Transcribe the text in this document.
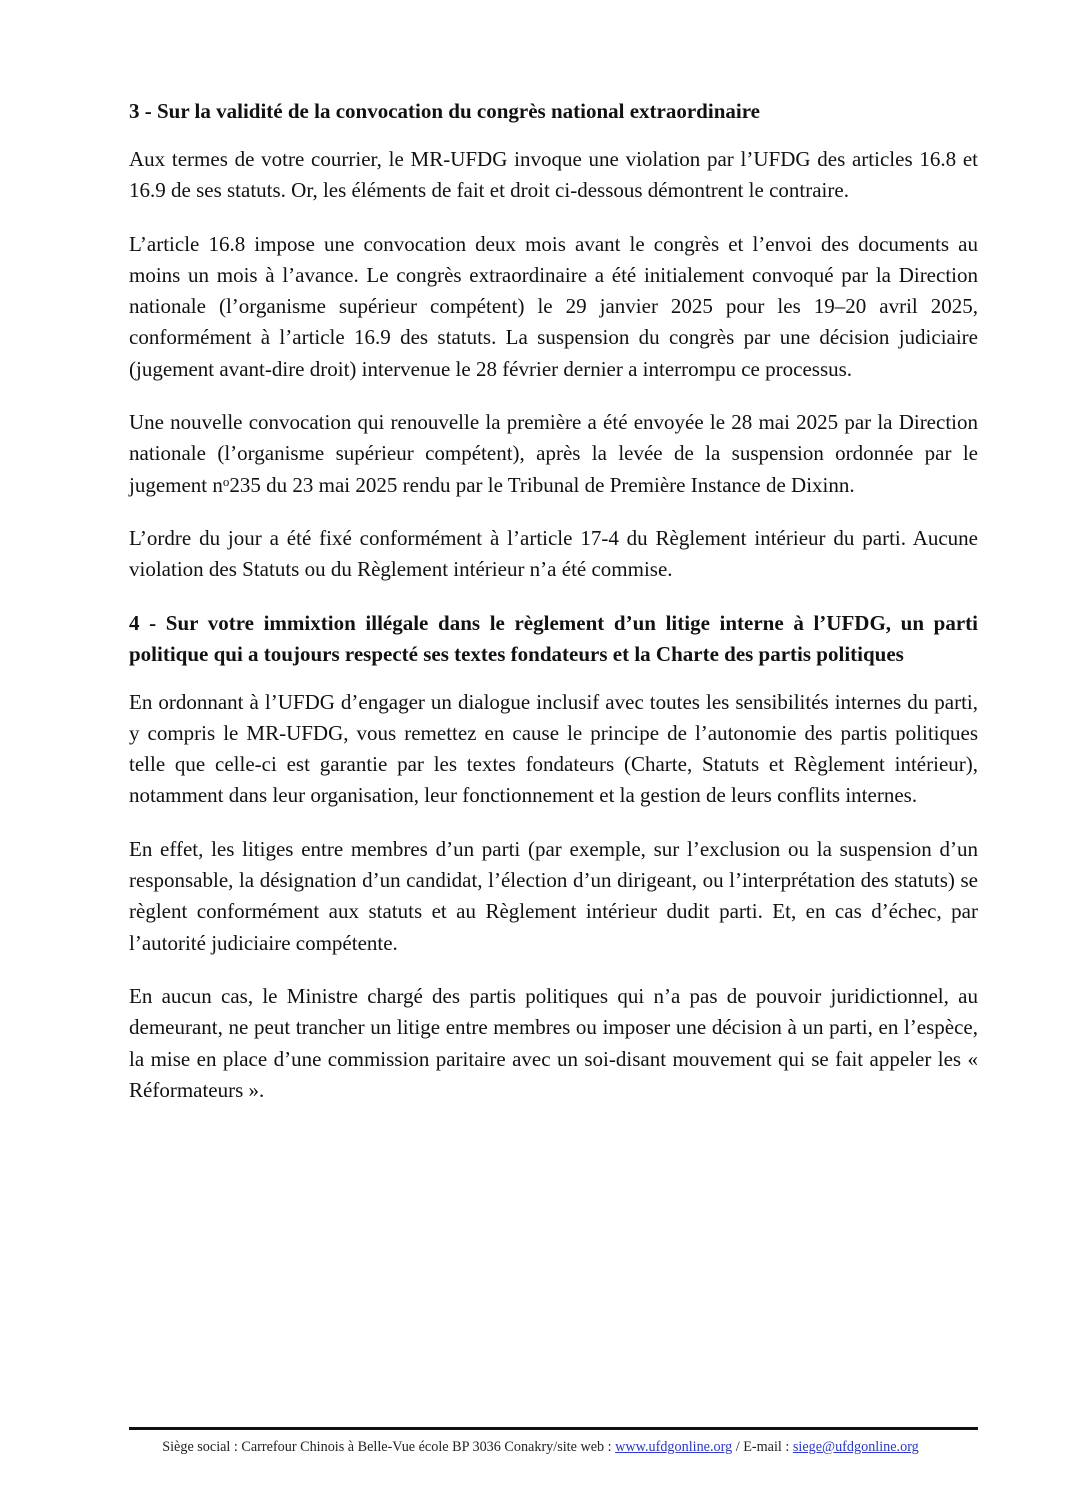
3 - Sur la validité de la convocation du congrès national extraordinaire

Aux termes de votre courrier, le MR-UFDG invoque une violation par l’UFDG des articles 16.8 et 16.9 de ses statuts. Or, les éléments de fait et droit ci-dessous démontrent le contraire.

L’article 16.8 impose une convocation deux mois avant le congrès et l’envoi des documents au moins un mois à l’avance. Le congrès extraordinaire a été initialement convoqué par la Direction nationale (l’organisme supérieur compétent) le 29 janvier 2025 pour les 19–20 avril 2025, conformément à l’article 16.9 des statuts. La suspension du congrès par une décision judiciaire (jugement avant-dire droit) intervenue le 28 février dernier a interrompu ce processus.

Une nouvelle convocation qui renouvelle la première a été envoyée le 28 mai 2025 par la Direction nationale (l’organisme supérieur compétent), après la levée de la suspension ordonnée par le jugement $n^o235$ du 23 mai 2025 rendu par le Tribunal de Première Instance de Dixinn.

L’ordre du jour a été fixé conformément à l’article 17-4 du Règlement intérieur du parti. Aucune violation des Statuts ou du Règlement intérieur n’a été commise.

4 - Sur votre immixtion illégale dans le règlement d’un litige interne à l’UFDG, un parti politique qui a toujours respecté ses textes fondateurs et la Charte des partis politiques

En ordonnant à l’UFDG d’engager un dialogue inclusif avec toutes les sensibilités internes du parti, y compris le MR-UFDG, vous remettez en cause le principe de l’autonomie des partis politiques telle que celle-ci est garantie par les textes fondateurs (Charte, Statuts et Règlement intérieur), notamment dans leur organisation, leur fonctionnement et la gestion de leurs conflits internes.

En effet, les litiges entre membres d’un parti (par exemple, sur l’exclusion ou la suspension d’un responsable, la désignation d’un candidat, l’élection d’un dirigeant, ou l’interprétation des statuts) se règlent conformément aux statuts et au Règlement intérieur dudit parti. Et, en cas d’échec, par l’autorité judiciaire compétente.

En aucun cas, le Ministre chargé des partis politiques qui n’a pas de pouvoir juridictionnel, au demeurant, ne peut trancher un litige entre membres ou imposer une décision à un parti, en l’espèce, la mise en place d’une commission paritaire avec un soi-disant mouvement qui se fait appeler les « Réformateurs ».

Siège social : Carrefour Chinois à Belle-Vue école BP 3036 Conakry/site web : www.ufdgonline.org / E-mail : siege@ufdgonline.org
